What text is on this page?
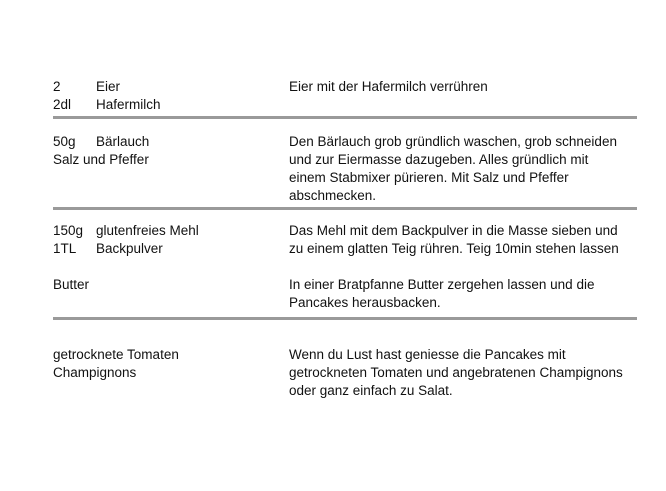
2	Eier
2dl Hafermilch
Eier mit der Hafermilch verrühren
50g Bärlauch
Salz und Pfeffer
Den Bärlauch grob gründlich waschen, grob schneiden
und zur Eiermasse dazugeben. Alles gründlich mit
einem Stabmixer pürieren. Mit Salz und Pfeffer
abschmecken.
150g glutenfreies Mehl
1TL Backpulver
Das Mehl mit dem Backpulver in die Masse sieben und
zu einem glatten Teig rühren. Teig 10min stehen lassen
Butter	In einer Bratpfanne Butter zergehen lassen und die
Pancakes herausbacken.
getrocknete Tomaten
Champignons
Wenn du Lust hast geniesse die Pancakes mit
getrockneten Tomaten und angebratenen Champignons
oder ganz einfach zu Salat.
